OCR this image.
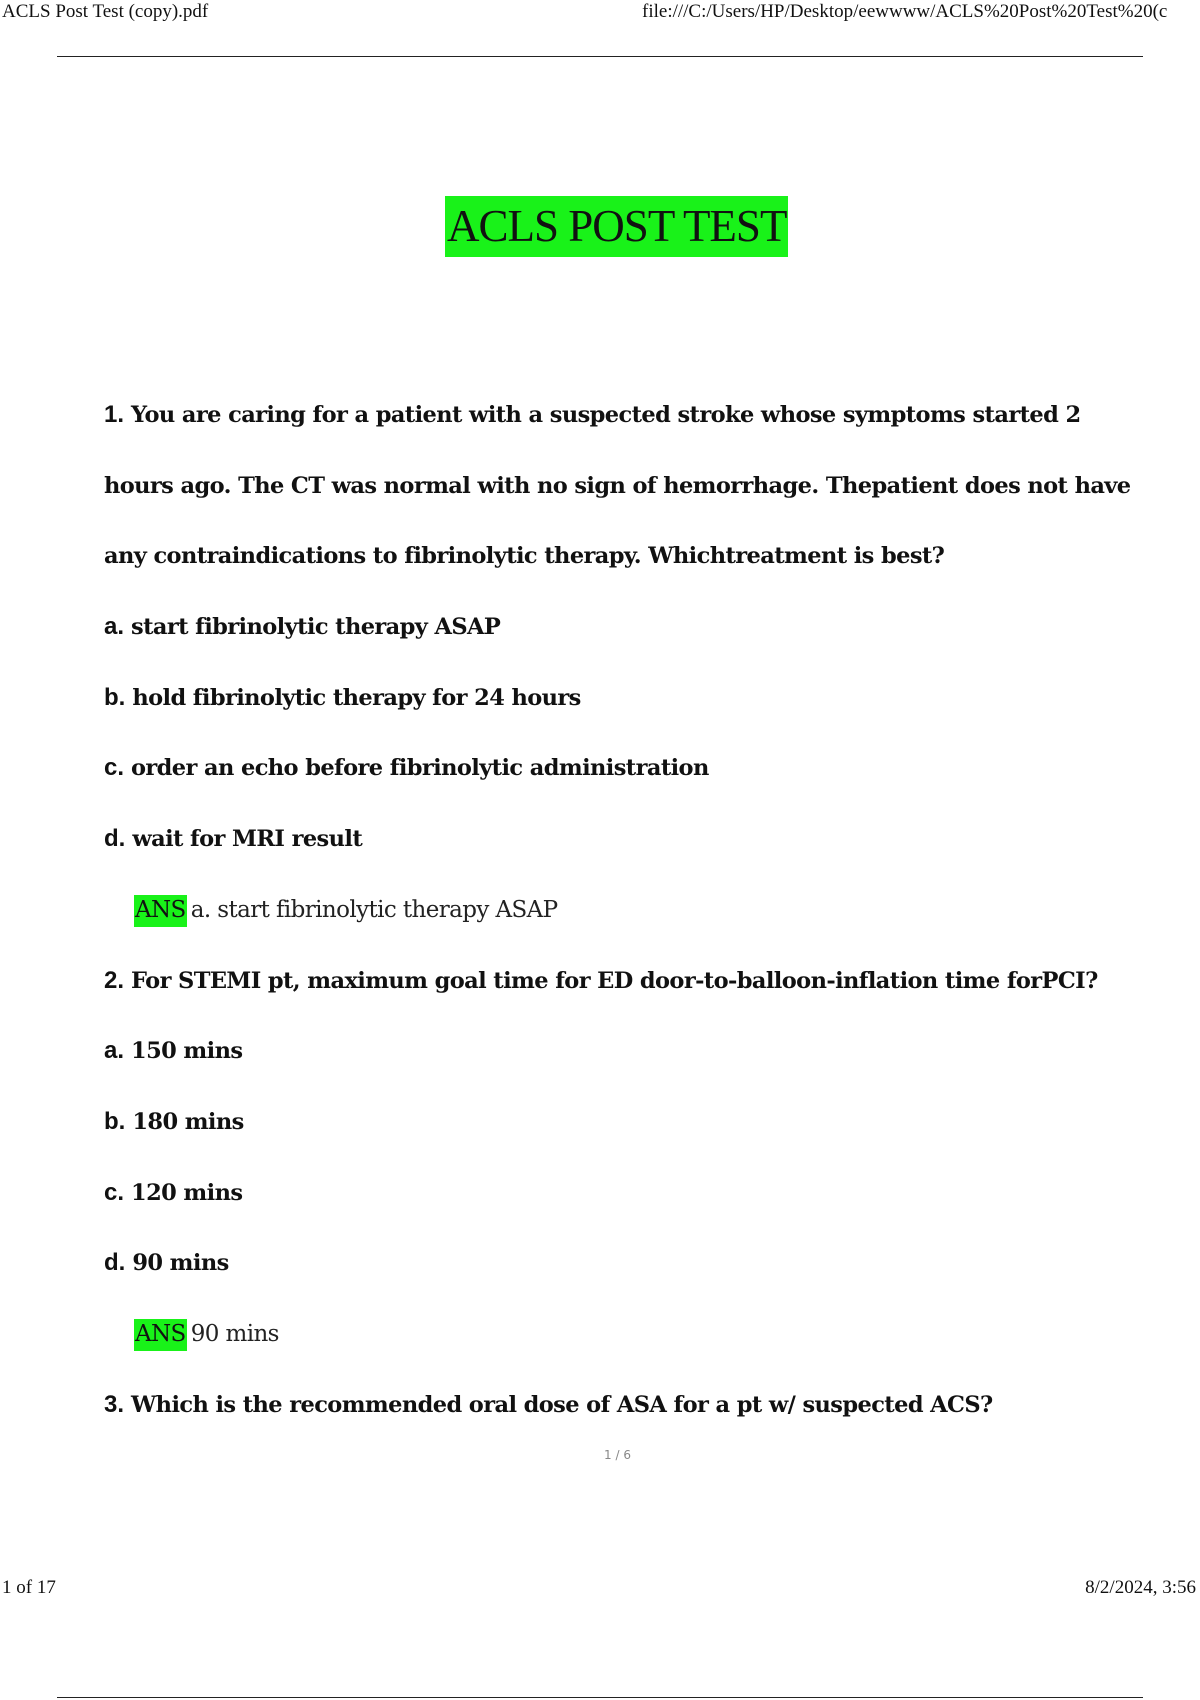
ACLS Post Test (copy).pdf	file:///C:/Users/HP/Desktop/eewwww/ACLS%20Post%20Test%20(c
ACLS POST TEST
1. You are caring for a patient with a suspected stroke whose symptoms started 2
hours ago. The CT was normal with no sign of hemorrhage. Thepatient does not have
any contraindications to fibrinolytic therapy. Whichtreatment is best?
a. start fibrinolytic therapy ASAP
b. hold fibrinolytic therapy for 24 hours
c. order an echo before fibrinolytic administration
d. wait for MRI result
ANS a. start fibrinolytic therapy ASAP
2. For STEMI pt, maximum goal time for ED door-to-balloon-inflation time forPCI?
a. 150 mins
b. 180 mins
c. 120 mins
d. 90 mins
ANS 90 mins
3. Which is the recommended oral dose of ASA for a pt w/ suspected ACS?
1 / 6
1 of 17	8/2/2024, 3:56
